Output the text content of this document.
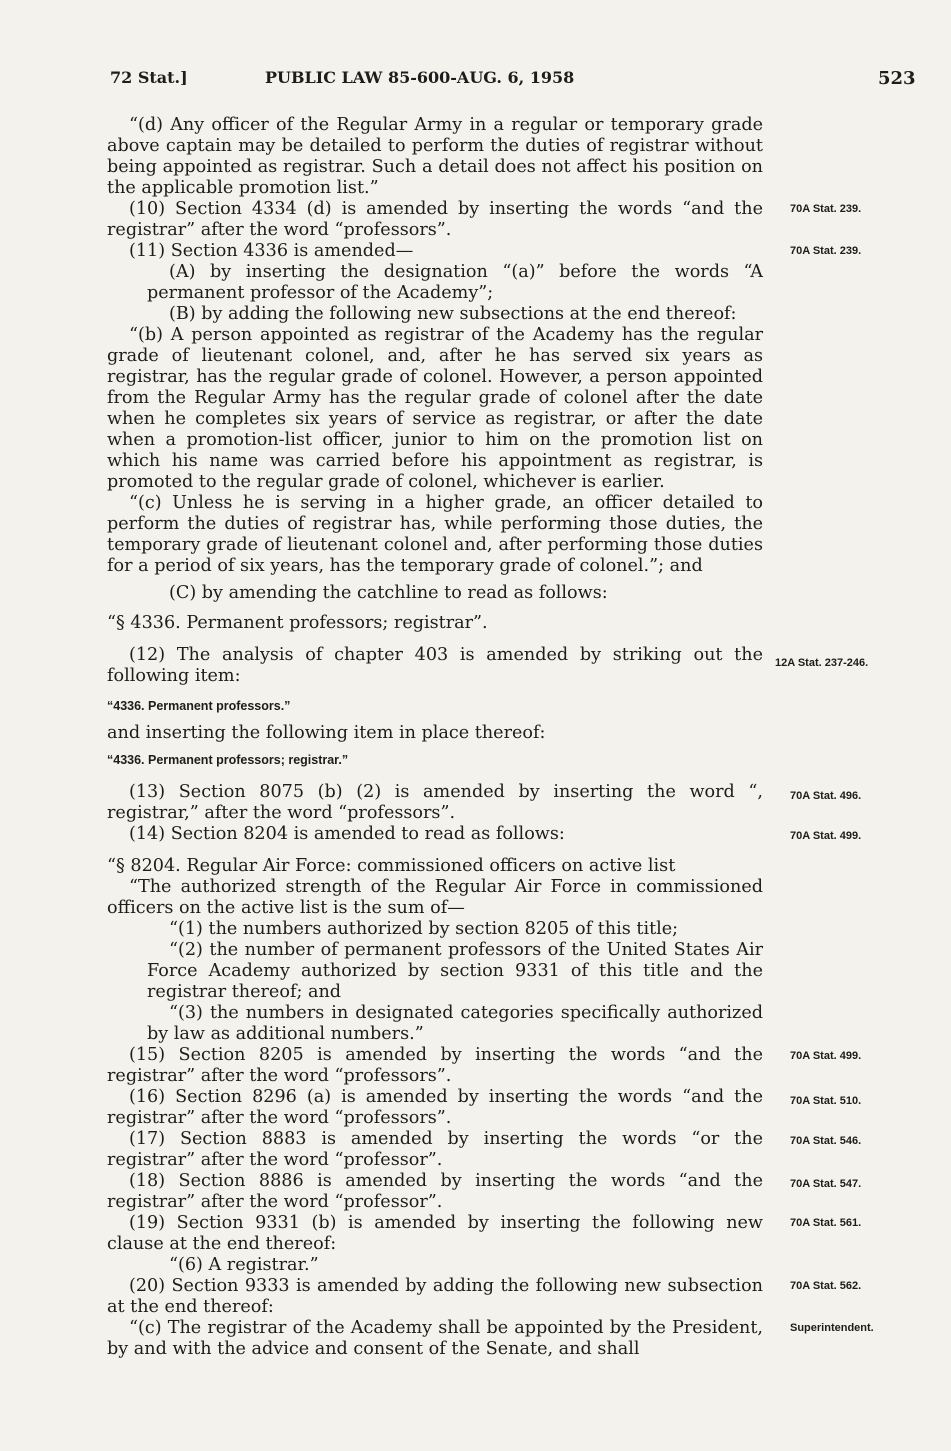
72 Stat.]	PUBLIC LAW 85-600-AUG. 6, 1958	523

“(d) Any officer of the Regular Army in a regular or temporary grade above captain may be detailed to perform the duties of registrar without being appointed as registrar. Such a detail does not affect his position on the applicable promotion list.”

(10) Section 4334 (d) is amended by inserting the words “and the registrar” after the word “professors”.

(11) Section 4336 is amended—

(A) by inserting the designation “(a)” before the words “A permanent professor of the Academy”;

(B) by adding the following new subsections at the end thereof:

“(b) A person appointed as registrar of the Academy has the regular grade of lieutenant colonel, and, after he has served six years as registrar, has the regular grade of colonel. However, a person appointed from the Regular Army has the regular grade of colonel after the date when he completes six years of service as registrar, or after the date when a promotion-list officer, junior to him on the promotion list on which his name was carried before his appointment as registrar, is promoted to the regular grade of colonel, whichever is earlier.

“(c) Unless he is serving in a higher grade, an officer detailed to perform the duties of registrar has, while performing those duties, the temporary grade of lieutenant colonel and, after performing those duties for a period of six years, has the temporary grade of colonel.”; and

(C) by amending the catchline to read as follows:

“§ 4336. Permanent professors; registrar”.

(12) The analysis of chapter 403 is amended by striking out the following item:

“4336. Permanent professors.”

and inserting the following item in place thereof:

“4336. Permanent professors; registrar.”

(13) Section 8075 (b) (2) is amended by inserting the word “, registrar,” after the word “professors”.

(14) Section 8204 is amended to read as follows:

“§ 8204. Regular Air Force: commissioned officers on active list

“The authorized strength of the Regular Air Force in commissioned officers on the active list is the sum of—

“(1) the numbers authorized by section 8205 of this title;

“(2) the number of permanent professors of the United States Air Force Academy authorized by section 9331 of this title and the registrar thereof; and

“(3) the numbers in designated categories specifically authorized by law as additional numbers.”

(15) Section 8205 is amended by inserting the words “and the registrar” after the word “professors”.

(16) Section 8296 (a) is amended by inserting the words “and the registrar” after the word “professors”.

(17) Section 8883 is amended by inserting the words “or the registrar” after the word “professor”.

(18) Section 8886 is amended by inserting the words “and the registrar” after the word “professor”.

(19) Section 9331 (b) is amended by inserting the following new clause at the end thereof:

“(6) A registrar.”

(20) Section 9333 is amended by adding the following new subsection at the end thereof:

“(c) The registrar of the Academy shall be appointed by the President, by and with the advice and consent of the Senate, and shall

70A Stat. 239.
70A Stat. 239.
12A Stat. 237-246.
70A Stat. 496.
70A Stat. 499.
70A Stat. 499.
70A Stat. 510.
70A Stat. 546.
70A Stat. 547.
70A Stat. 561.
70A Stat. 562.
Superintendent.
